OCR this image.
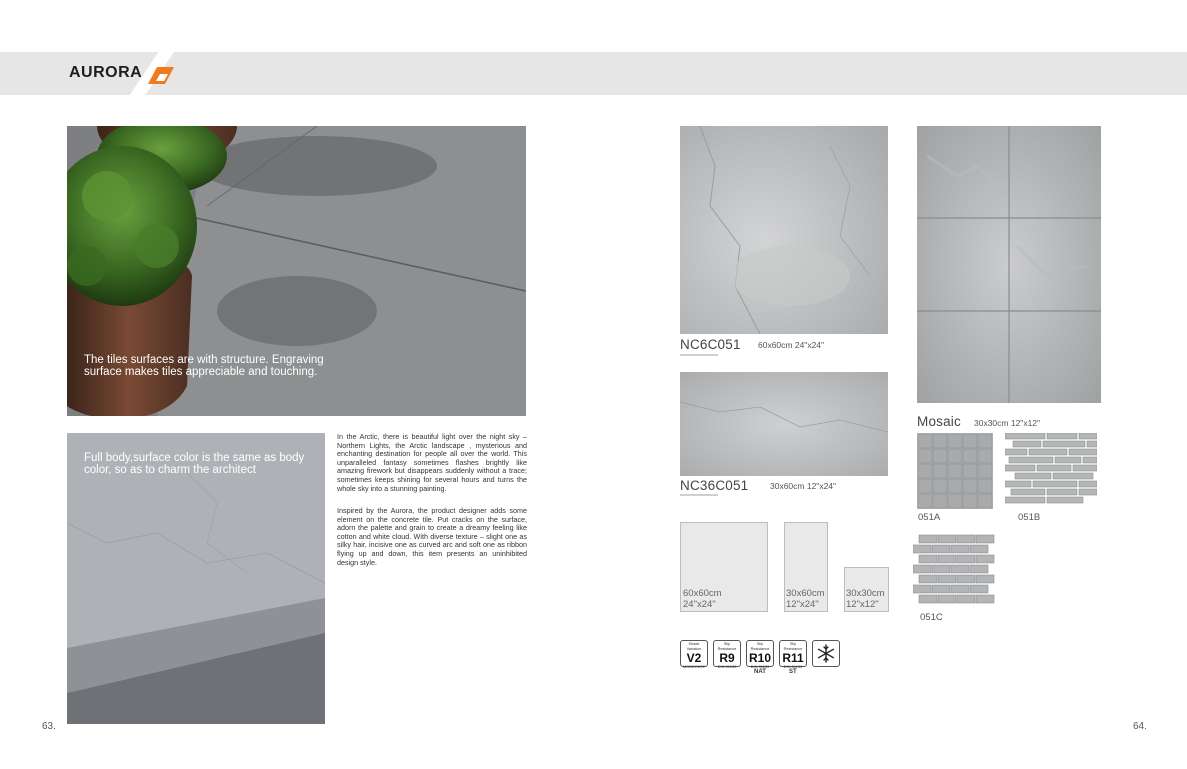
AURORA
The tiles surfaces are with structure. Engraving surface makes tiles appreciable and touching.
Full body,surface color is the same as body color, so as to charm the architect
In the Arctic, there is beautiful light over the night sky – Northern Lights, the Arctic landscape , mysterious and enchanting destination for people all over the world. This unparalleled fantasy sometimes flashes brightly like amazing firework but disappears suddenly without a trace; sometimes keeps shining for several hours and turns the whole sky into a stunning painting.
Inspired by the Aurora, the product designer adds some element on the concrete tile. Put cracks on the surface, adorn the palette and grain to create a dreamy feeling like cotton and white cloud. With diverse texture – slight one as silky hair, incisive one as curved arc and soft one as ribbon flying up and down, this item presents an uninhibited design style.
63.
NC6C051 60x60cm 24"x24"
NC36C051	30x60cm 12"x24"
60x60cm
24"x24"
30x60cm
12"x24"
30x30cm
12"x12"
Shade Variation
V2
MODERATE
Slip Resistance
R9
DIN 51130
Slip Resistance
R10
DIN 51130
NAT
Slip Resistance
R11
DIN 51130
ST
Mosaic 30x30cm 12"x12"
051A	051B
051C
64.
